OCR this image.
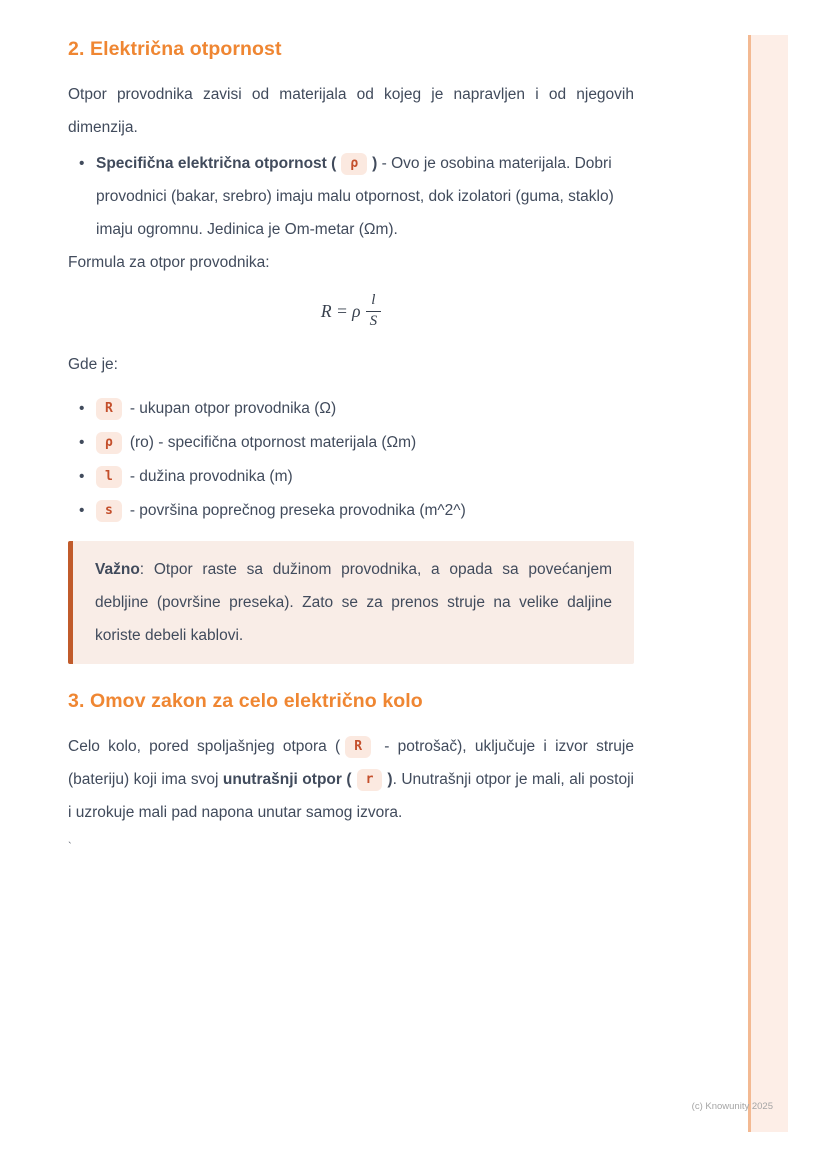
2. Električna otpornost

Otpor provodnika zavisi od materijala od kojeg je napravljen i od njegovih dimenzija.

• Specifična električna otpornost ( ρ ) - Ovo je osobina materijala. Dobri provodnici (bakar, srebro) imaju malu otpornost, dok izolatori (guma, staklo) imaju ogromnu. Jedinica je Om-metar (Ωm).

Formula za otpor provodnika:

R = ρ $\frac{l}{S}$

Gde je:

• R - ukupan otpor provodnika (Ω)
• ρ (ro) - specifična otpornost materijala (Ωm)
• l - dužina provodnika (m)
• s - površina poprečnog preseka provodnika (m^2^)
Važno: Otpor raste sa dužinom provodnika, a opada sa povećanjem debljine (površine preseka). Zato se za prenos struje na velike daljine koriste debeli kablovi.
3. Omov zakon za celo električno kolo

Celo kolo, pored spoljašnjeg otpora ( R - potrošač), uključuje i izvor struje (bateriju) koji ima svoj unutrašnji otpor ( r ). Unutrašnji otpor je mali, ali postoji i uzrokuje mali pad napona unutar samog izvora.

`
(c) Knowunity 2025
